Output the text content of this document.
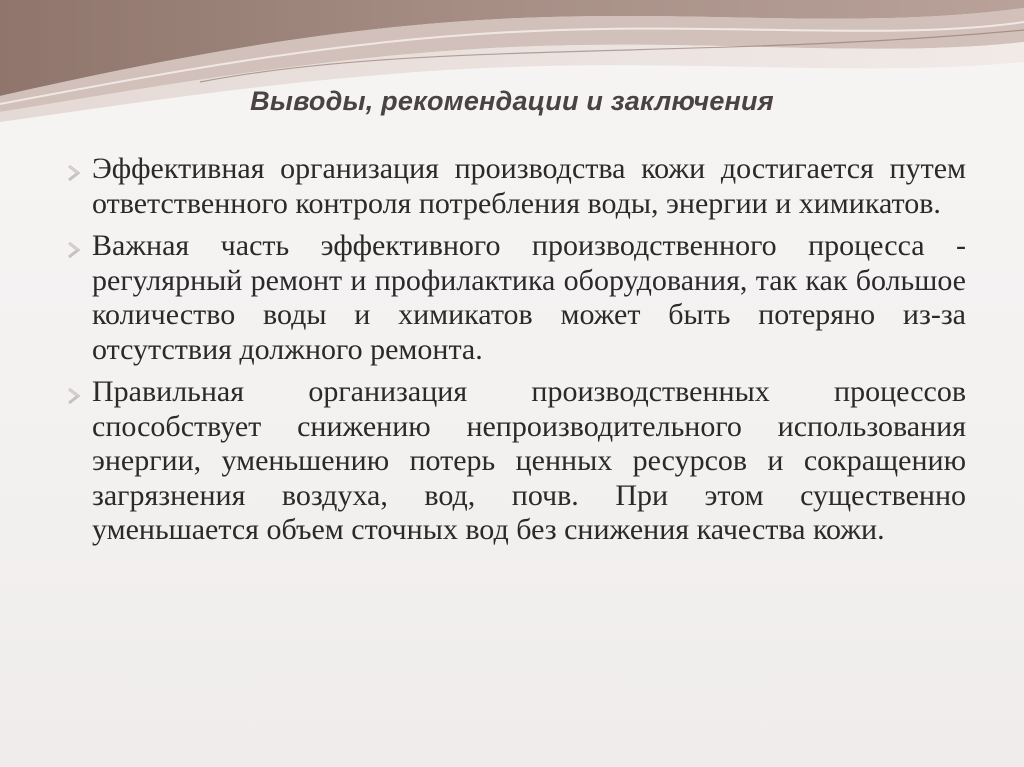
Выводы, рекомендации и заключения
Эффективная организация производства кожи достигается путем ответственного контроля потребления воды, энергии и химикатов.
Важная часть эффективного производственного процесса - регулярный ремонт и профилактика оборудования, так как большое количество воды и химикатов может быть потеряно из-за отсутствия должного ремонта.
Правильная организация производственных процессов способствует снижению непроизводительного использования энергии, уменьшению потерь ценных ресурсов и сокращению загрязнения воздуха, вод, почв. При этом существенно уменьшается объем сточных вод без снижения качества кожи.
